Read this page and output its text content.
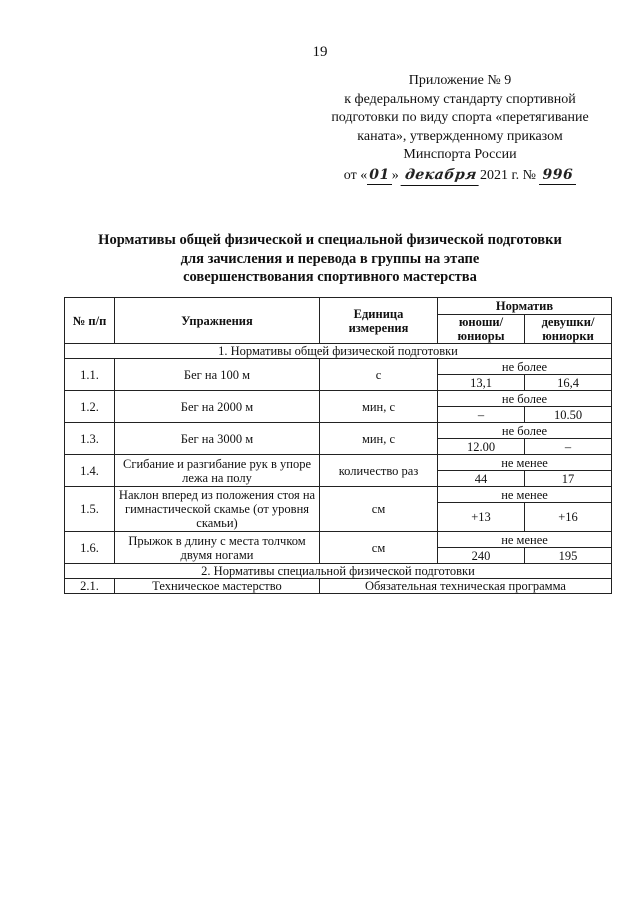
19
Приложение № 9
к федеральному стандарту спортивной
подготовки по виду спорта «перетягивание
каната», утвержденному приказом
Минспорта России
от « 01 » декабря 2021 г. № 996
Нормативы общей физической и специальной физической подготовки
для зачисления и перевода в группы на этапе
совершенствования спортивного мастерства
№ п/п	Упражнения	Единица измерения	Норматив	
			юноши/ юниоры	девушки/ юниорки
1. Нормативы общей физической подготовки				
1.1.	Бег на 100 м	с	не более	
			13,1	16,4
1.2.	Бег на 2000 м	мин, с	не более	
			–	10.50
1.3.	Бег на 3000 м	мин, с	не более	
			12.00	–
1.4.	Сгибание и разгибание рук в упоре лежа на полу	количество раз	не менее	
			44	17
1.5.	Наклон вперед из положения стоя на гимнастической скамье (от уровня скамьи)	см	не менее	
			+13	+16
1.6.	Прыжок в длину с места толчком двумя ногами	см	не менее	
			240	195
2. Нормативы специальной физической подготовки				
2.1.	Техническое мастерство	Обязательная техническая программа		
